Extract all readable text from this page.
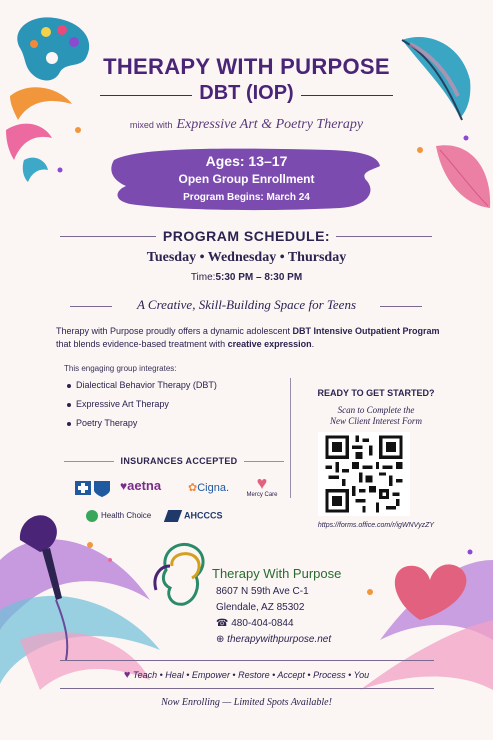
THERAPY WITH PURPOSE
DBT (IOP)
mixed with Expressive Art & Poetry Therapy
Ages: 13–17
Open Group Enrollment
Program Begins: March 24
PROGRAM SCHEDULE:
Tuesday • Wednesday • Thursday
Time:5:30 PM – 8:30 PM
A Creative, Skill-Building Space for Teens
Therapy with Purpose proudly offers a dynamic adolescent DBT Intensive Outpatient Program that blends evidence-based treatment with creative expression.
This engaging group integrates:
Dialectical Behavior Therapy (DBT)
Expressive Art Therapy
Poetry Therapy
READY TO GET STARTED?
Scan to Complete the
New Client Interest Form
https://forms.office.com/r/igWNVyzZY
INSURANCES ACCEPTED
♥aetna ✿Cigna.	♥
Mercy Care
Health Choice	AHCCCS
Therapy With Purpose
8607 N 59th Ave C-1
Glendale, AZ 85302
☎ 480-404-0844
⊕ therapywithpurpose.net
♥ Teach • Heal • Empower • Restore • Accept • Process • You
Now Enrolling — Limited Spots Available!
